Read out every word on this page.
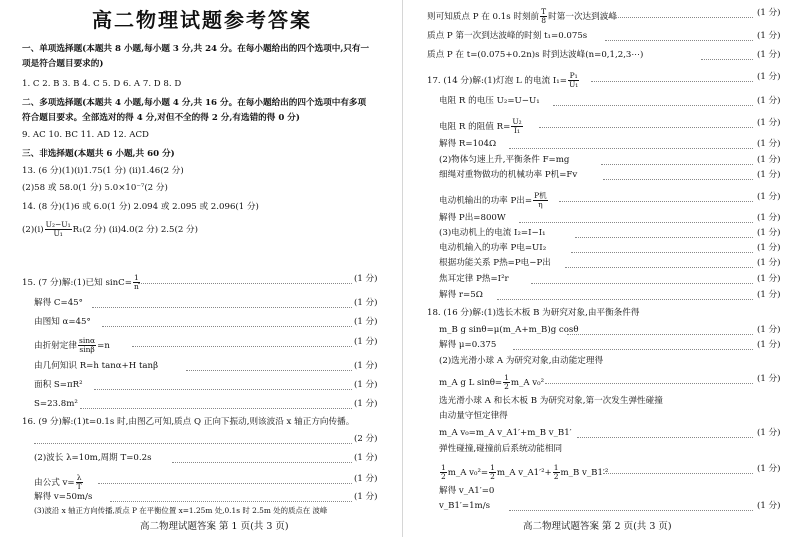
高二物理试题参考答案
一、单项选择题(本题共 8 小题,每小题 3 分,共 24 分。在每小题给出的四个选项中,只有一
项是符合题目要求的)
1. C 2. B 3. B 4. C 5. D 6. A 7. D 8. D
二、多项选择题(本题共 4 小题,每小题 4 分,共 16 分。在每小题给出的四个选项中有多项
符合题目要求。全部选对的得 4 分,对但不全的得 2 分,有选错的得 0 分)
9. AC 10. BC 11. AD 12. ACD
三、非选择题(本题共 6 小题,共 60 分)
13. (6 分)(1)(ⅰ)1.75(1 分) (ⅱ)1.46(2 分)
(2)58 或 58.0(1 分) 5.0×10⁻⁷(2 分)
14. (8 分)(1)6 或 6.0(1 分) 2.094 或 2.095 或 2.096(1 分)
(2)(ⅰ) $\frac{\text{U₂−U₁}}{\text{U₁}} R_1(2$ 分) (ⅱ)4.0(2 分) 2.5(2 分)
15. (7 分)解:(1)已知 $\sin C= \frac{1}{n}$	(1 分)
解得 C=45°	(1 分)
由图知 α=45°	(1 分)
由折射定律 $\frac{\sin\alpha}{\sin\beta} =n$	(1 分)
由几何知识 R=h tanα+H tanβ	(1 分)
面积 S=πR²	(1 分)
S=23.8m²	(1 分)
16. (9 分)解:(1)t=0.1s 时,由图乙可知,质点 Q 正向下振动,则该波沿 x 轴正方向传播。
(2 分)
(2)波长 λ=10m,周期 T=0.2s	(1 分)
由公式 $v= \frac{\lambda}{T}$	(1 分)
解得 v=50m/s	(1 分)
(3)波沿 x 轴正方向传播,质点 P 在平衡位置 x=1.25m 处,0.1s 时 2.5m 处的质点在 波峰
高二物理试题答案 第 1 页(共 3 页)
则可知质点 P 在 0.1s 时刻前 $\frac{T}{8}$ 时第一次达到波峰	(1 分)
质点 P 第一次到达波峰的时刻 t₁=0.075s	(1 分)
质点 P 在 t=(0.075+0.2n)s 时到达波峰(n=0,1,2,3⋯)	(1 分)
17. (14 分)解:(1)灯泡 L 的电流 $I_1= \frac{\text{P₁}}{\text{U₁}}$	(1 分)
电阻 R 的电压 U₂=U−U₁	(1 分)
电阻 R 的阻值 $R= \frac{\text{U₂}}{\text{I₁}}$	(1 分)
解得 R=104Ω	(1 分)
(2)物体匀速上升,平衡条件 F=mg	(1 分)
细绳对重物做功的机械功率 P机=Fv	(1 分)
电动机输出的功率 P出= $\frac{\text{P机}}{\eta}$	(1 分)
解得 P出=800W	(1 分)
(3)电动机上的电流 I₂=I−I₁	(1 分)
电动机输入的功率 P电=UI₂	(1 分)
根据功能关系 P热=P电−P出	(1 分)
焦耳定律 P热=I²r	(1 分)
解得 r=5Ω	(1 分)
18. (16 分)解:(1)选长木板 B 为研究对象,由平衡条件得
m_B g sinθ=μ(m_A+m_B)g cosθ	(1 分)
解得 μ=0.375	(1 分)
(2)选光滑小球 A 为研究对象,由动能定理得
m_A g L $\sin\theta= \frac{1}{2}$ m_A v₀²	(1 分)
选光滑小球 A 和长木板 B 为研究对象,第一次发生弹性碰撞
由动量守恒定律得
m_A v₀=m_A v_A1′+m_B v_B1′	(1 分)
弹性碰撞,碰撞前后系统动能相同
$\frac{1}{2}$ m_A $v_0^2= \frac{1}{2}$ m_A v_A1′²+ $\frac{1}{2}$ m_B v_B1′²	(1 分)
解得 v_A1′=0
v_B1′=1m/s	(1 分)
高二物理试题答案 第 2 页(共 3 页)
